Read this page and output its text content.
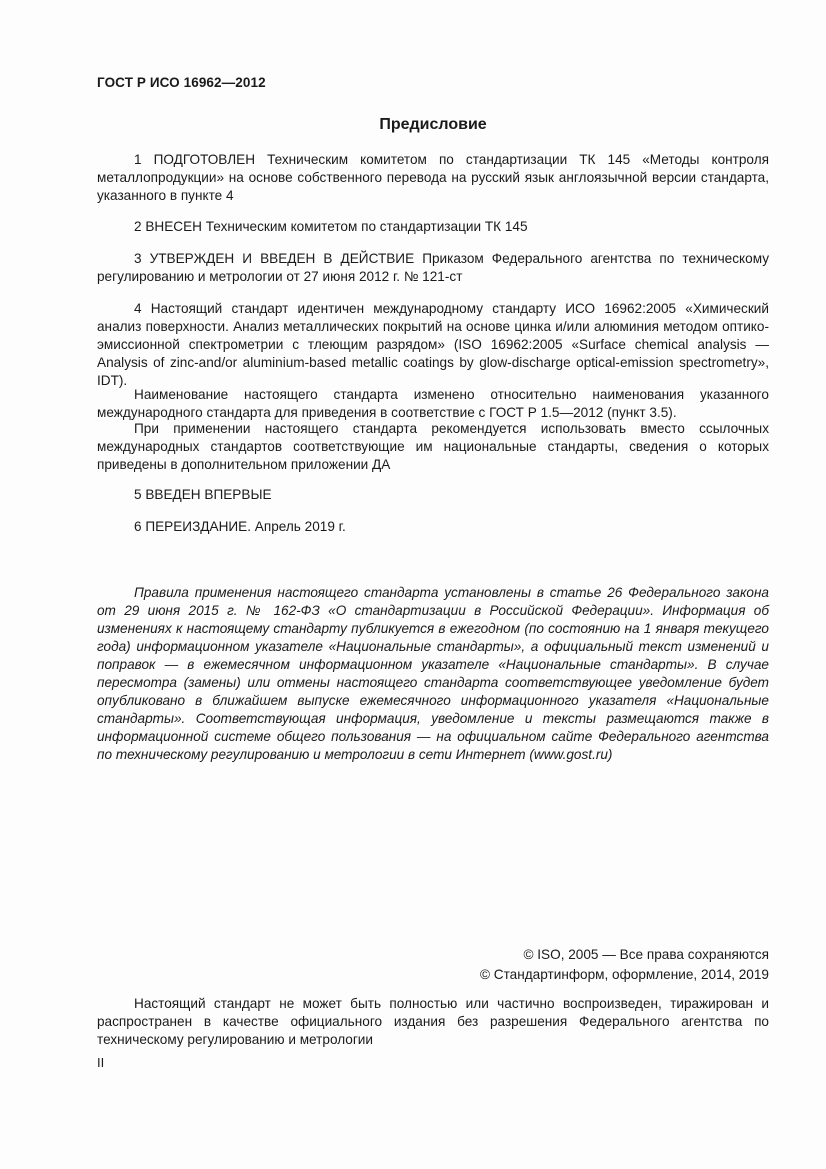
ГОСТ Р ИСО 16962—2012
Предисловие

1 ПОДГОТОВЛЕН Техническим комитетом по стандартизации ТК 145 «Методы контроля металлопродукции» на основе собственного перевода на русский язык англоязычной версии стандарта, указанного в пункте 4

2 ВНЕСЕН Техническим комитетом по стандартизации ТК 145

3 УТВЕРЖДЕН И ВВЕДЕН В ДЕЙСТВИЕ Приказом Федерального агентства по техническому регулированию и метрологии от 27 июня 2012 г. № 121-ст

4 Настоящий стандарт идентичен международному стандарту ИСО 16962:2005 «Химический анализ поверхности. Анализ металлических покрытий на основе цинка и/или алюминия методом оптико-эмиссионной спектрометрии с тлеющим разрядом» (ISO 16962:2005 «Surface chemical analysis — Analysis of zinc-and/or aluminium-based metallic coatings by glow-discharge optical-emission spectrometry», IDT).

Наименование настоящего стандарта изменено относительно наименования указанного международного стандарта для приведения в соответствие с ГОСТ Р 1.5—2012 (пункт 3.5).

При применении настоящего стандарта рекомендуется использовать вместо ссылочных международных стандартов соответствующие им национальные стандарты, сведения о которых приведены в дополнительном приложении ДА

5 ВВЕДЕН ВПЕРВЫЕ

6 ПЕРЕИЗДАНИЕ. Апрель 2019 г.

Правила применения настоящего стандарта установлены в статье 26 Федерального закона от 29 июня 2015 г. № 162-ФЗ «О стандартизации в Российской Федерации». Информация об изменениях к настоящему стандарту публикуется в ежегодном (по состоянию на 1 января текущего года) информационном указателе «Национальные стандарты», а официальный текст изменений и поправок — в ежемесячном информационном указателе «Национальные стандарты». В случае пересмотра (замены) или отмены настоящего стандарта соответствующее уведомление будет опубликовано в ближайшем выпуске ежемесячного информационного указателя «Национальные стандарты». Соответствующая информация, уведомление и тексты размещаются также в информационной системе общего пользования — на официальном сайте Федерального агентства по техническому регулированию и метрологии в сети Интернет (www.gost.ru)

© ISO, 2005 — Все права сохраняются
© Стандартинформ, оформление, 2014, 2019

Настоящий стандарт не может быть полностью или частично воспроизведен, тиражирован и распространен в качестве официального издания без разрешения Федерального агентства по техническому регулированию и метрологии

II
